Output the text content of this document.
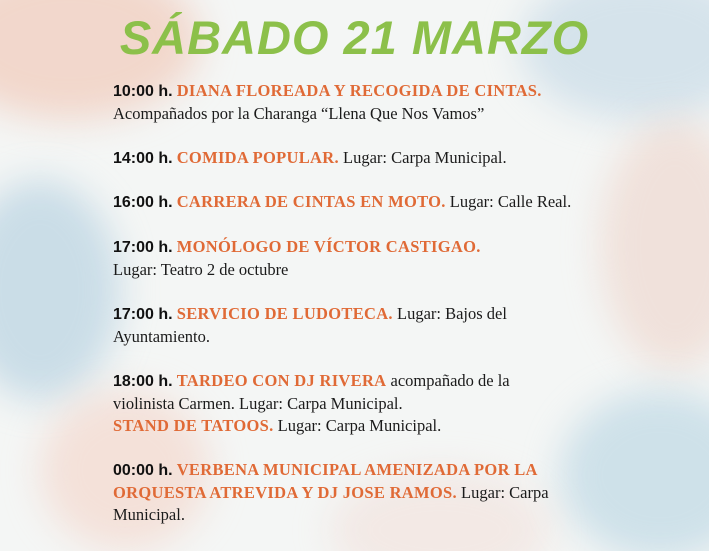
SÁBADO 21 MARZO
10:00 h. DIANA FLOREADA Y RECOGIDA DE CINTAS.
Acompañados por la Charanga “Llena Que Nos Vamos”
14:00 h. COMIDA POPULAR. Lugar: Carpa Municipal.
16:00 h. CARRERA DE CINTAS EN MOTO. Lugar: Calle Real.
17:00 h. MONÓLOGO DE VÍCTOR CASTIGAO.
Lugar: Teatro 2 de octubre
17:00 h. SERVICIO DE LUDOTECA. Lugar: Bajos del
Ayuntamiento.
18:00 h. TARDEO CON DJ RIVERA acompañado de la
violinista Carmen. Lugar: Carpa Municipal.
STAND DE TATOOS. Lugar: Carpa Municipal.
00:00 h. VERBENA MUNICIPAL AMENIZADA POR LA
ORQUESTA ATREVIDA Y DJ JOSE RAMOS. Lugar: Carpa
Municipal.
